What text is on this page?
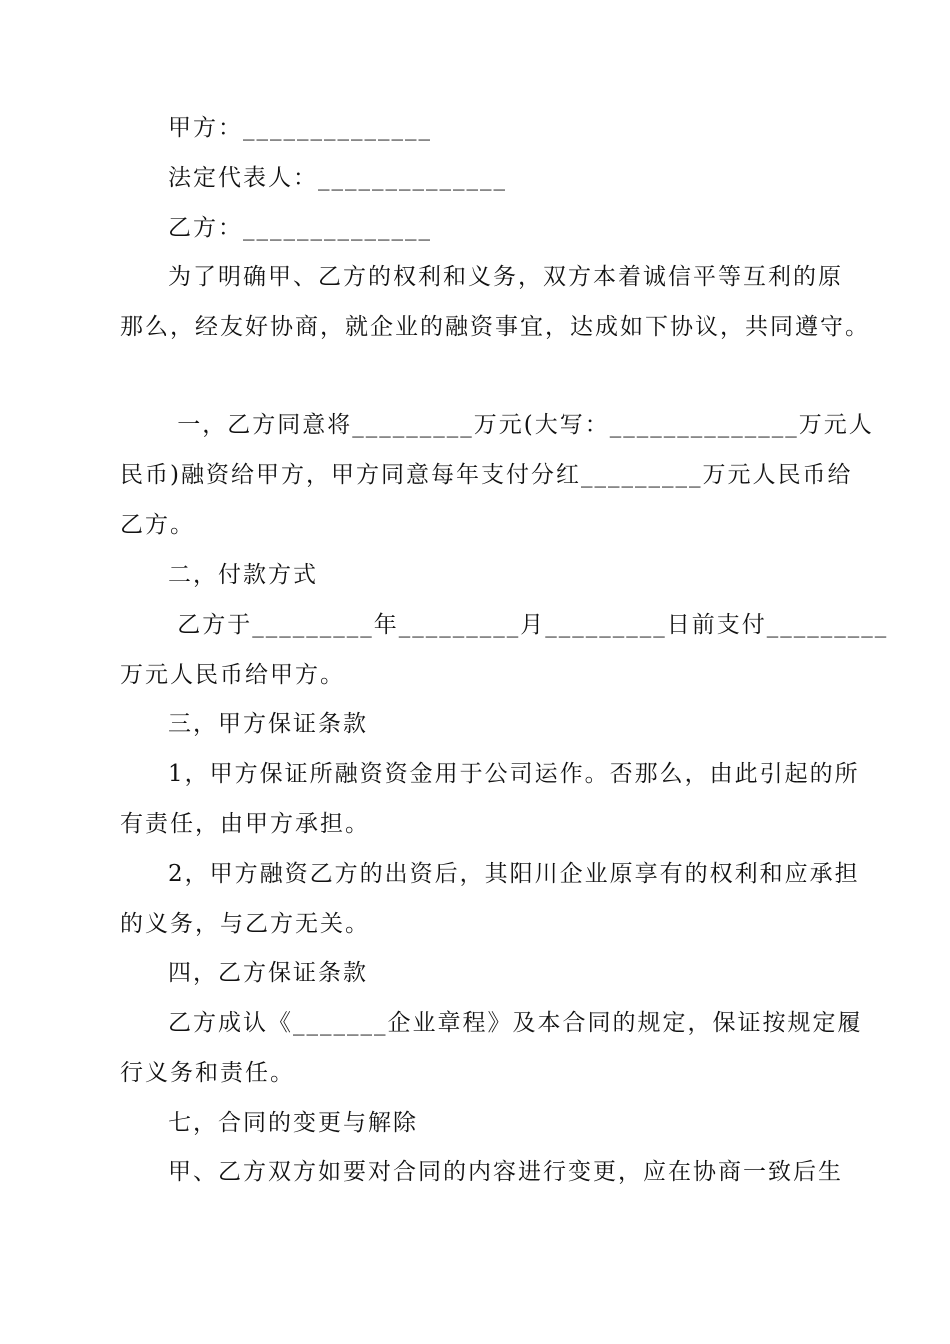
甲方：______________
法定代表人：______________
乙方：______________
为了明确甲、乙方的权利和义务，双方本着诚信平等互利的原
那么，经友好协商，就企业的融资事宜，达成如下协议，共同遵守。
一，乙方同意将_________万元(大写：______________万元人
民币)融资给甲方，甲方同意每年支付分红_________万元人民币给
乙方。
二，付款方式
乙方于_________年_________月_________日前支付_________
万元人民币给甲方。
三，甲方保证条款
1，甲方保证所融资资金用于公司运作。否那么，由此引起的所
有责任，由甲方承担。
2，甲方融资乙方的出资后，其阳川企业原享有的权利和应承担
的义务，与乙方无关。
四，乙方保证条款
乙方成认《_______企业章程》及本合同的规定，保证按规定履
行义务和责任。
七，合同的变更与解除
甲、乙方双方如要对合同的内容进行变更，应在协商一致后生
